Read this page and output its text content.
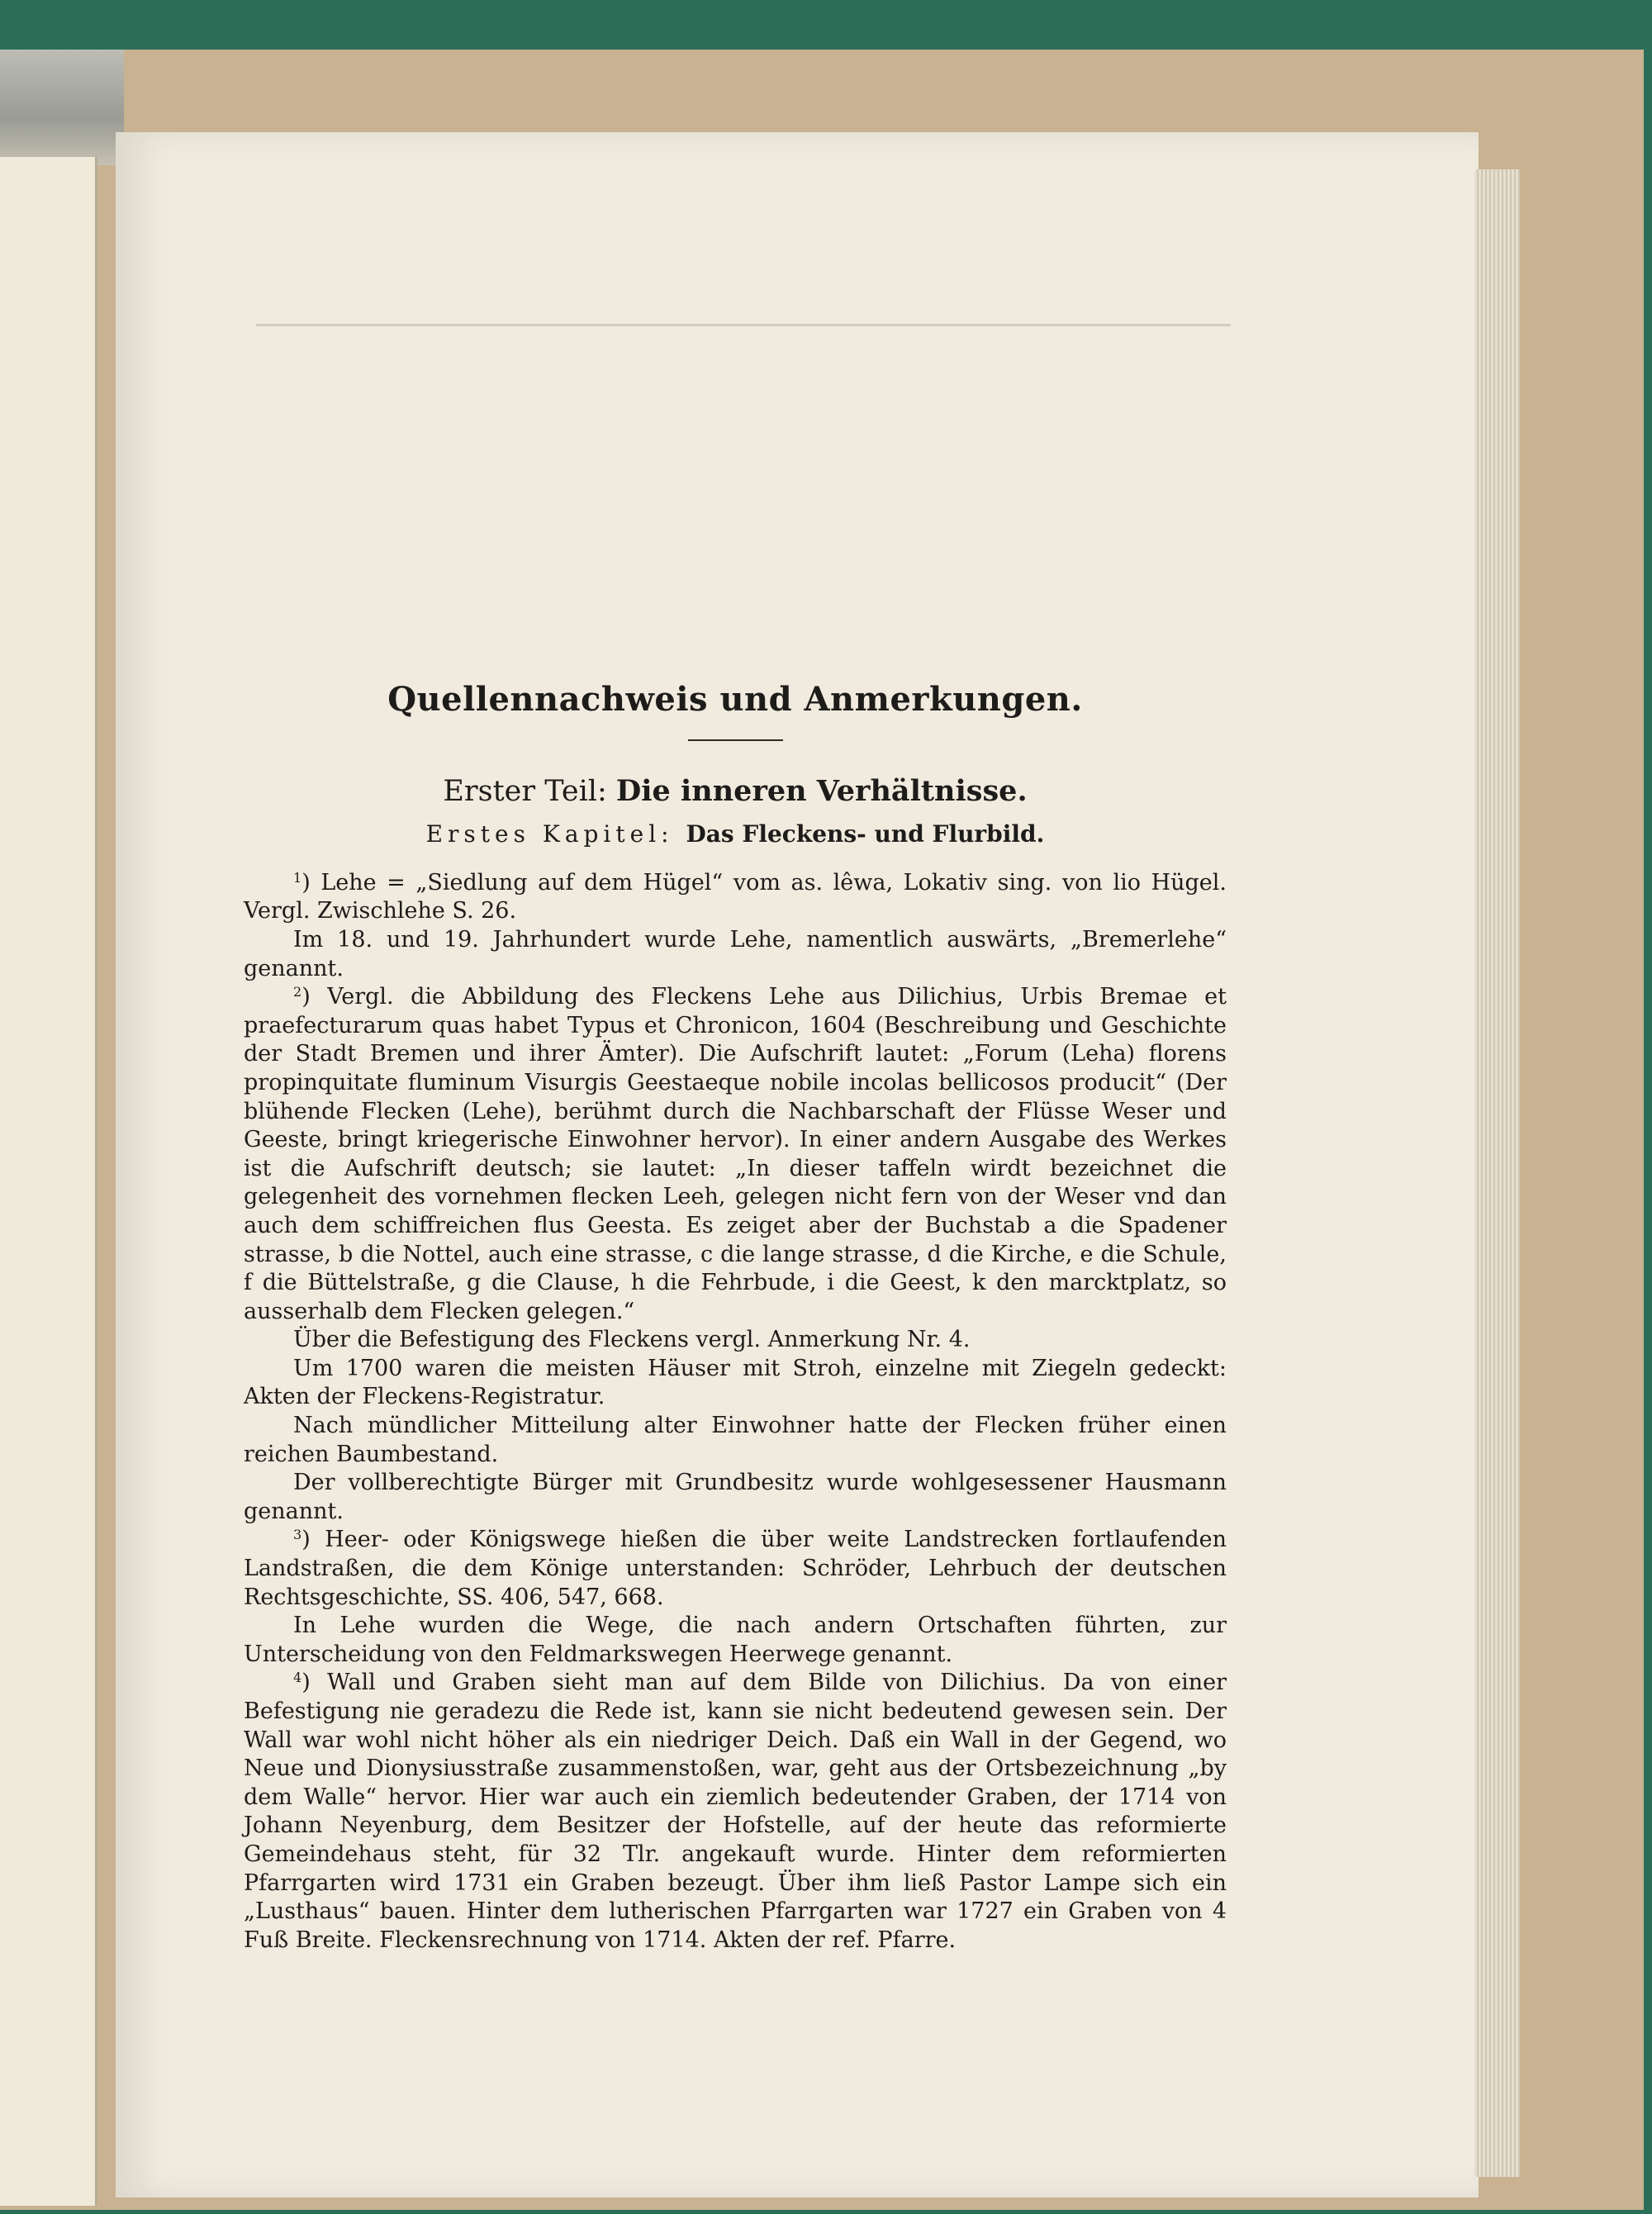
Quellennachweis und Anmerkungen.
Erster Teil: Die inneren Verhältnisse.
Erstes Kapitel: Das Fleckens- und Flurbild.

$^1$) Lehe = „Siedlung auf dem Hügel“ vom as. lêwa, Lokativ sing. von lio Hügel. Vergl. Zwischlehe S. 26.

Im 18. und 19. Jahrhundert wurde Lehe, namentlich auswärts, „Bremerlehe“ genannt.

$^2$) Vergl. die Abbildung des Fleckens Lehe aus Dilichius, Urbis Bremae et praefecturarum quas habet Typus et Chronicon, 1604 (Beschreibung und Geschichte der Stadt Bremen und ihrer Ämter). Die Aufschrift lautet: „Forum (Leha) florens propinquitate fluminum Visurgis Geestaeque nobile incolas bellicosos producit“ (Der blühende Flecken (Lehe), berühmt durch die Nachbarschaft der Flüsse Weser und Geeste, bringt kriegerische Einwohner hervor). In einer andern Ausgabe des Werkes ist die Aufschrift deutsch; sie lautet: „In dieser taffeln wirdt bezeichnet die gelegenheit des vornehmen flecken Leeh, gelegen nicht fern von der Weser vnd dan auch dem schiffreichen flus Geesta. Es zeiget aber der Buchstab a die Spadener strasse, b die Nottel, auch eine strasse, c die lange strasse, d die Kirche, e die Schule, f die Büttelstraße, g die Clause, h die Fehrbude, i die Geest, k den marcktplatz, so ausserhalb dem Flecken gelegen.“

Über die Befestigung des Fleckens vergl. Anmerkung Nr. 4.

Um 1700 waren die meisten Häuser mit Stroh, einzelne mit Ziegeln gedeckt: Akten der Fleckens-Registratur.

Nach mündlicher Mitteilung alter Einwohner hatte der Flecken früher einen reichen Baumbestand.

Der vollberechtigte Bürger mit Grundbesitz wurde wohlgesessener Hausmann genannt.

$^3$) Heer- oder Königswege hießen die über weite Landstrecken fortlaufenden Landstraßen, die dem Könige unterstanden: Schröder, Lehrbuch der deutschen Rechtsgeschichte, SS. 406, 547, 668.

In Lehe wurden die Wege, die nach andern Ortschaften führten, zur Unterscheidung von den Feldmarkswegen Heerwege genannt.

$^4$) Wall und Graben sieht man auf dem Bilde von Dilichius. Da von einer Befestigung nie geradezu die Rede ist, kann sie nicht bedeutend gewesen sein. Der Wall war wohl nicht höher als ein niedriger Deich. Daß ein Wall in der Gegend, wo Neue und Dionysiusstraße zusammenstoßen, war, geht aus der Ortsbezeichnung „by dem Walle“ hervor. Hier war auch ein ziemlich bedeutender Graben, der 1714 von Johann Neyenburg, dem Besitzer der Hofstelle, auf der heute das reformierte Gemeindehaus steht, für 32 Tlr. angekauft wurde. Hinter dem reformierten Pfarrgarten wird 1731 ein Graben bezeugt. Über ihm ließ Pastor Lampe sich ein „Lusthaus“ bauen. Hinter dem lutherischen Pfarrgarten war 1727 ein Graben von 4 Fuß Breite. Fleckensrechnung von 1714. Akten der ref. Pfarre.
